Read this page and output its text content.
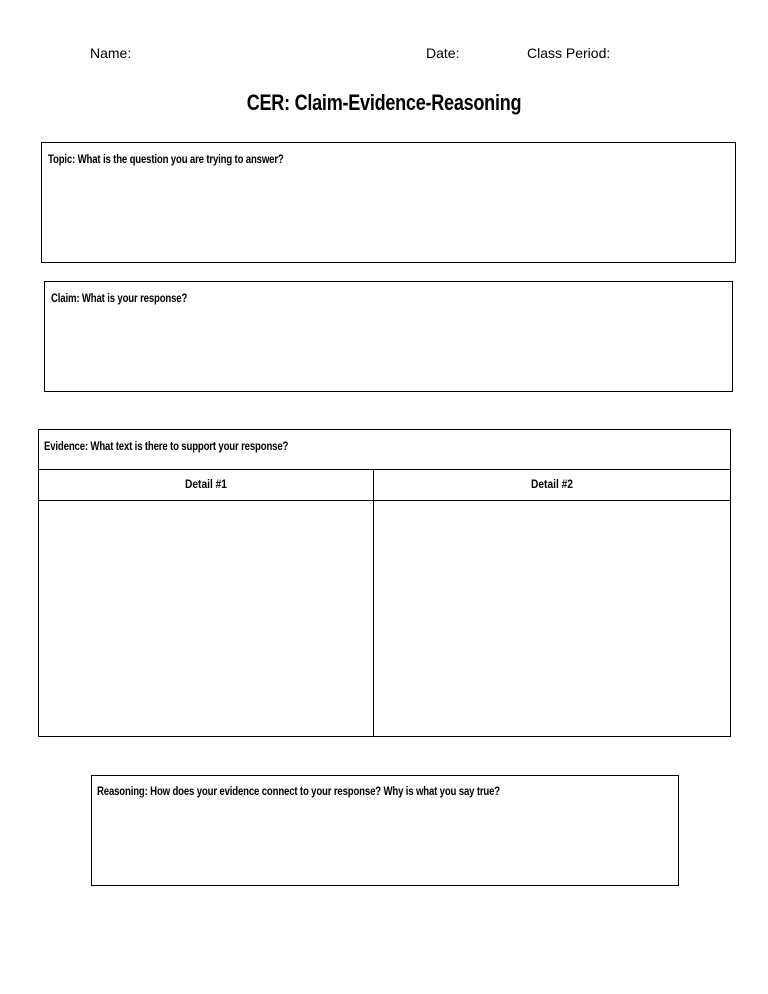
Name:	Date:	Class Period:
CER: Claim-Evidence-Reasoning
Topic: What is the question you are trying to answer?
Claim: What is your response?
Evidence: What text is there to support your response?
Detail #1	Detail #2
Reasoning: How does your evidence connect to your response? Why is what you say true?
